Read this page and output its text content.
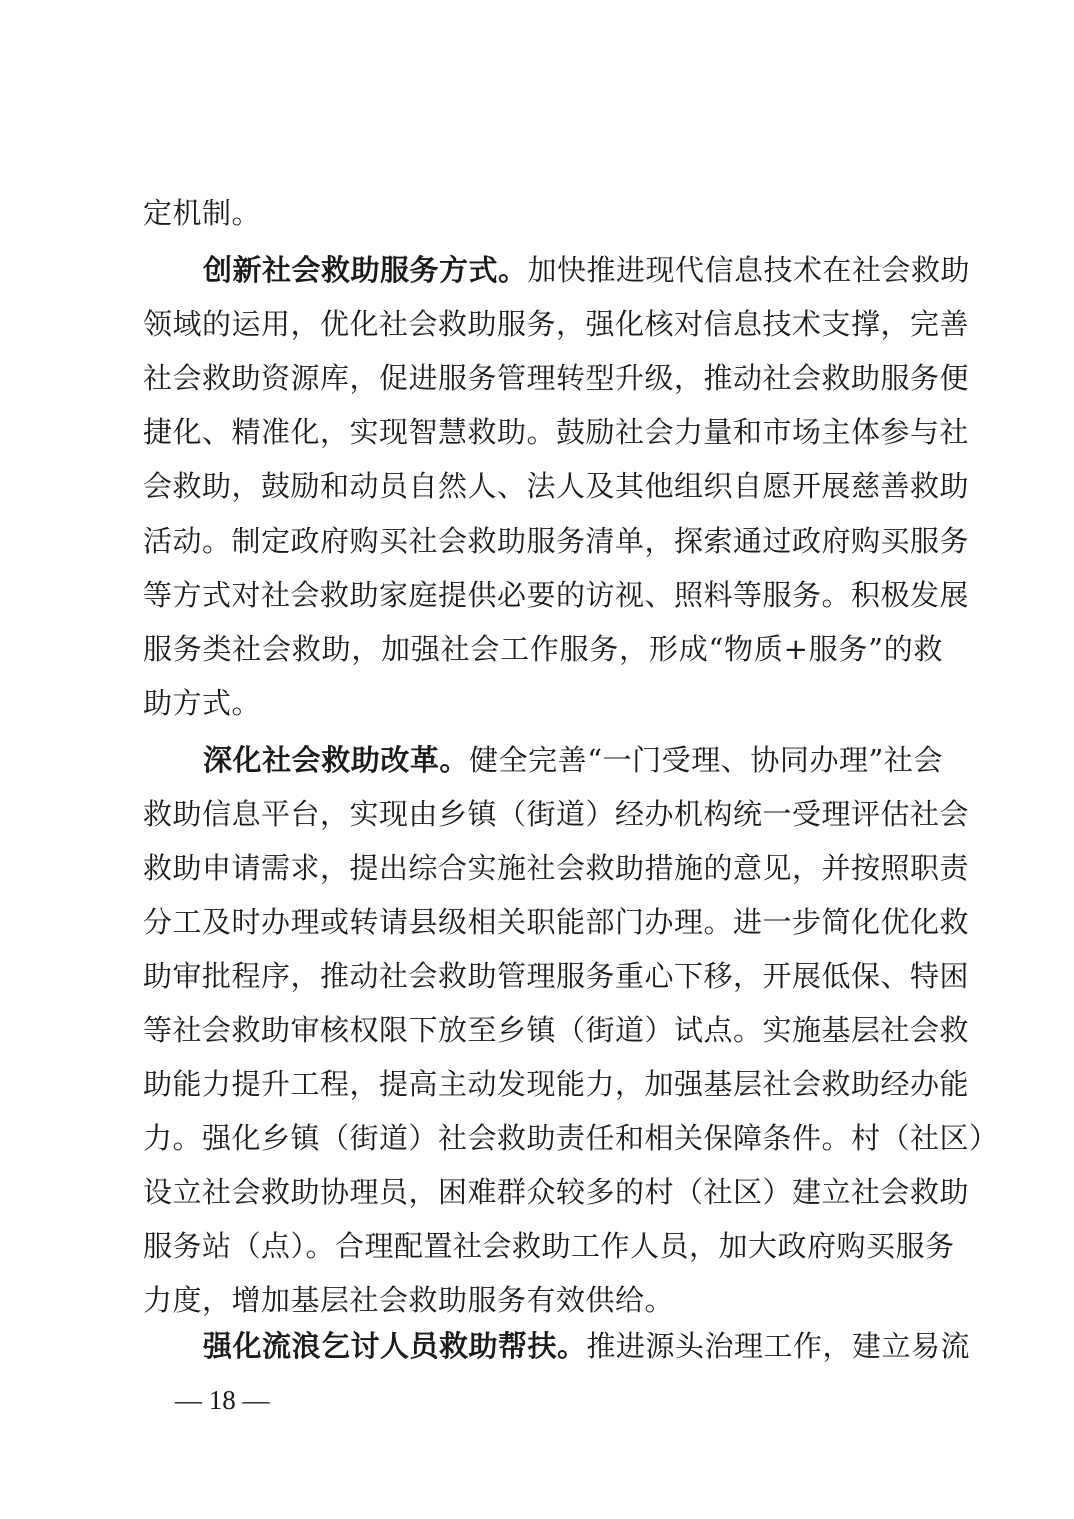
定机制。
创新社会救助服务方式。加快推进现代信息技术在社会救助
领域的运用，优化社会救助服务，强化核对信息技术支撑，完善
社会救助资源库，促进服务管理转型升级，推动社会救助服务便
捷化、精准化，实现智慧救助。鼓励社会力量和市场主体参与社
会救助，鼓励和动员自然人、法人及其他组织自愿开展慈善救助
活动。制定政府购买社会救助服务清单，探索通过政府购买服务
等方式对社会救助家庭提供必要的访视、照料等服务。积极发展
服务类社会救助，加强社会工作服务，形成“物质+服务”的救
助方式。
深化社会救助改革。健全完善“一门受理、协同办理”社会
救助信息平台，实现由乡镇（街道）经办机构统一受理评估社会
救助申请需求，提出综合实施社会救助措施的意见，并按照职责
分工及时办理或转请县级相关职能部门办理。进一步简化优化救
助审批程序，推动社会救助管理服务重心下移，开展低保、特困
等社会救助审核权限下放至乡镇（街道）试点。实施基层社会救
助能力提升工程，提高主动发现能力，加强基层社会救助经办能
力。强化乡镇（街道）社会救助责任和相关保障条件。村（社区）
设立社会救助协理员，困难群众较多的村（社区）建立社会救助
服务站（点）。合理配置社会救助工作人员，加大政府购买服务
力度，增加基层社会救助服务有效供给。
强化流浪乞讨人员救助帮扶。推进源头治理工作，建立易流
— 18 —
